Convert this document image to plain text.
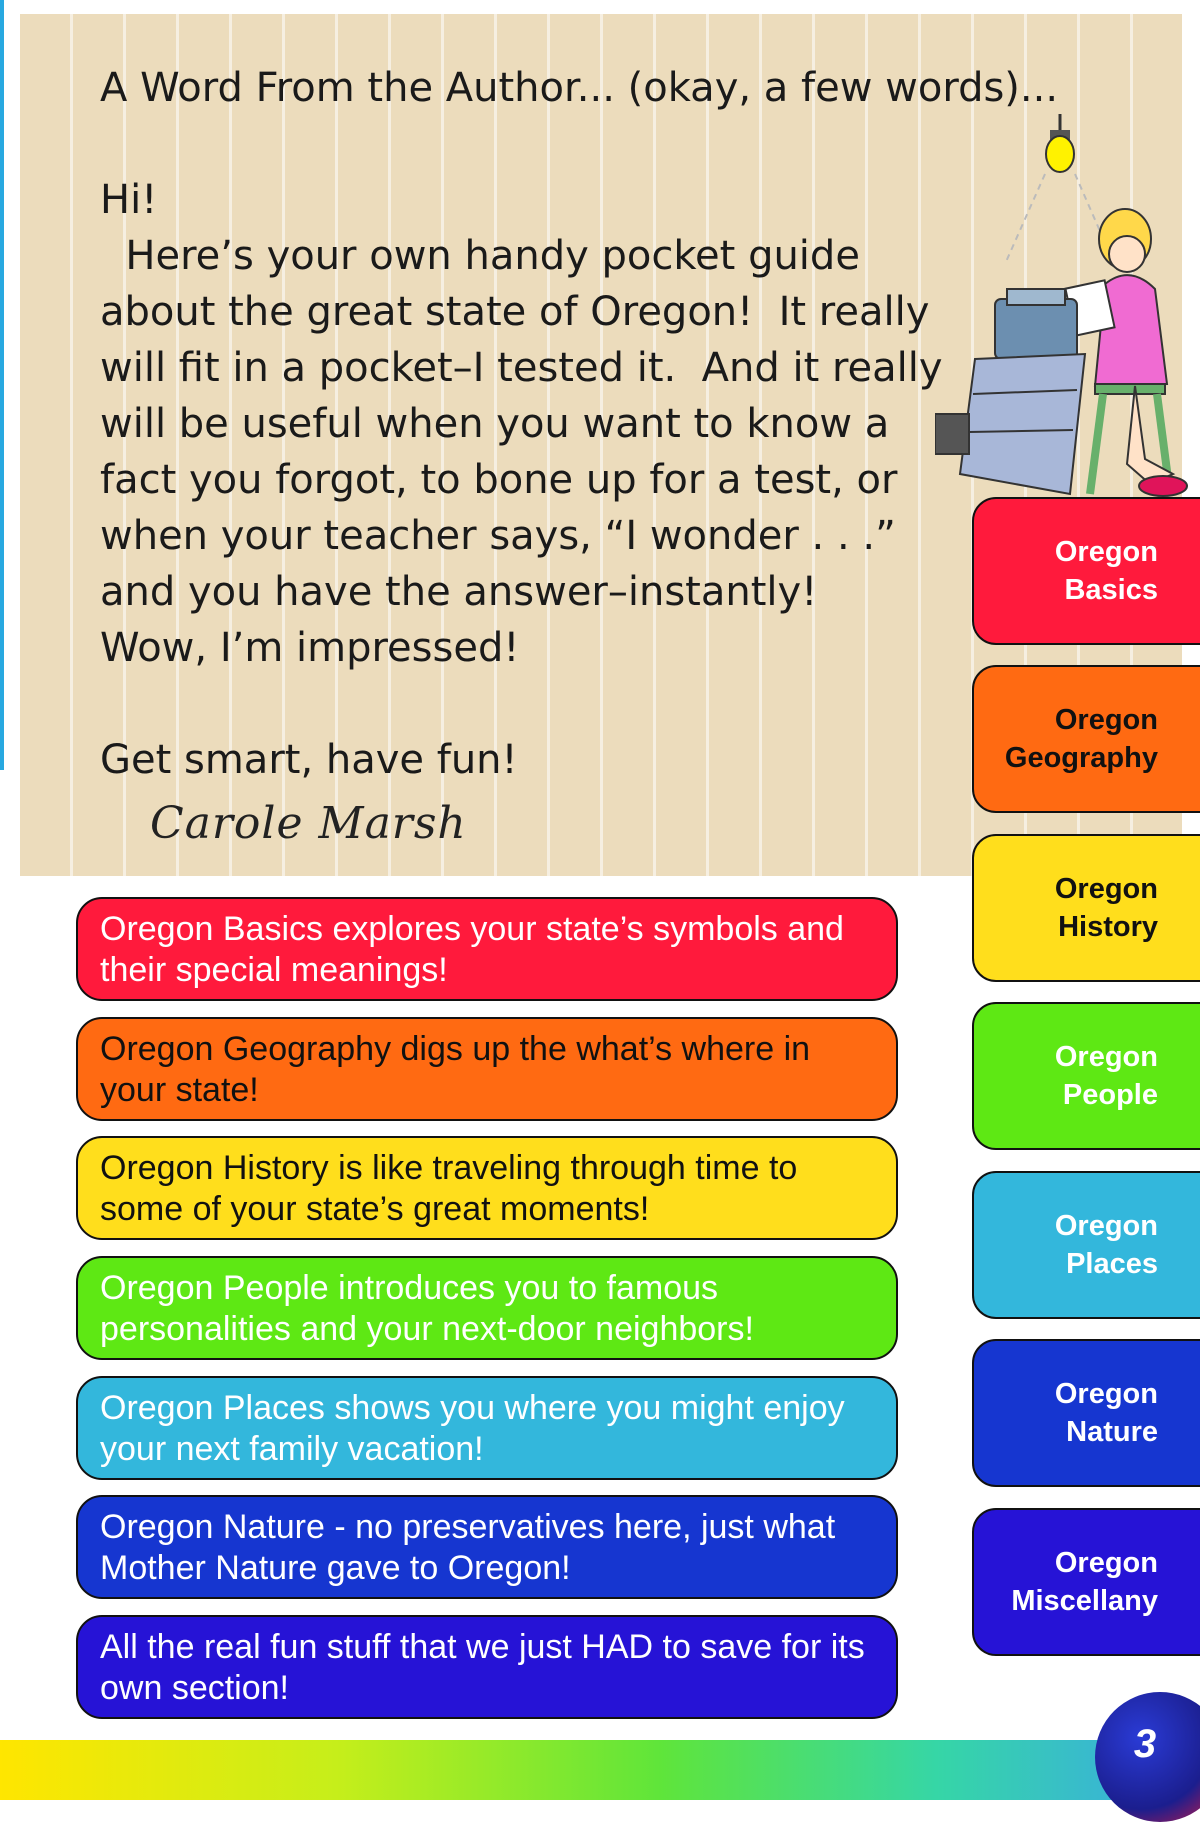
A Word From the Author... (okay, a few words)...
Hi!
Here’s your own handy pocket guide
about the great state of Oregon!  It really
will fit in a pocket–I tested it.  And it really
will be useful when you want to know a
fact you forgot, to bone up for a test, or
when your teacher says, “I wonder . . .”
and you have the answer–instantly!
Wow, I’m impressed!
Get smart, have fun!
Carole Marsh
Oregon
Basics
Oregon
Geography
Oregon
History
Oregon
People
Oregon
Places
Oregon
Nature
Oregon
Miscellany
Oregon Basics explores your state’s symbols and their special meanings!
Oregon Geography digs up the what’s where in your state!
Oregon History is like traveling through time to some of your state’s great moments!
Oregon People introduces you to famous personalities and your next-door neighbors!
Oregon Places shows you where you might enjoy your next family vacation!
Oregon Nature - no preservatives here, just what Mother Nature gave to Oregon!
All the real fun stuff that we just HAD to save for its own section!
3
